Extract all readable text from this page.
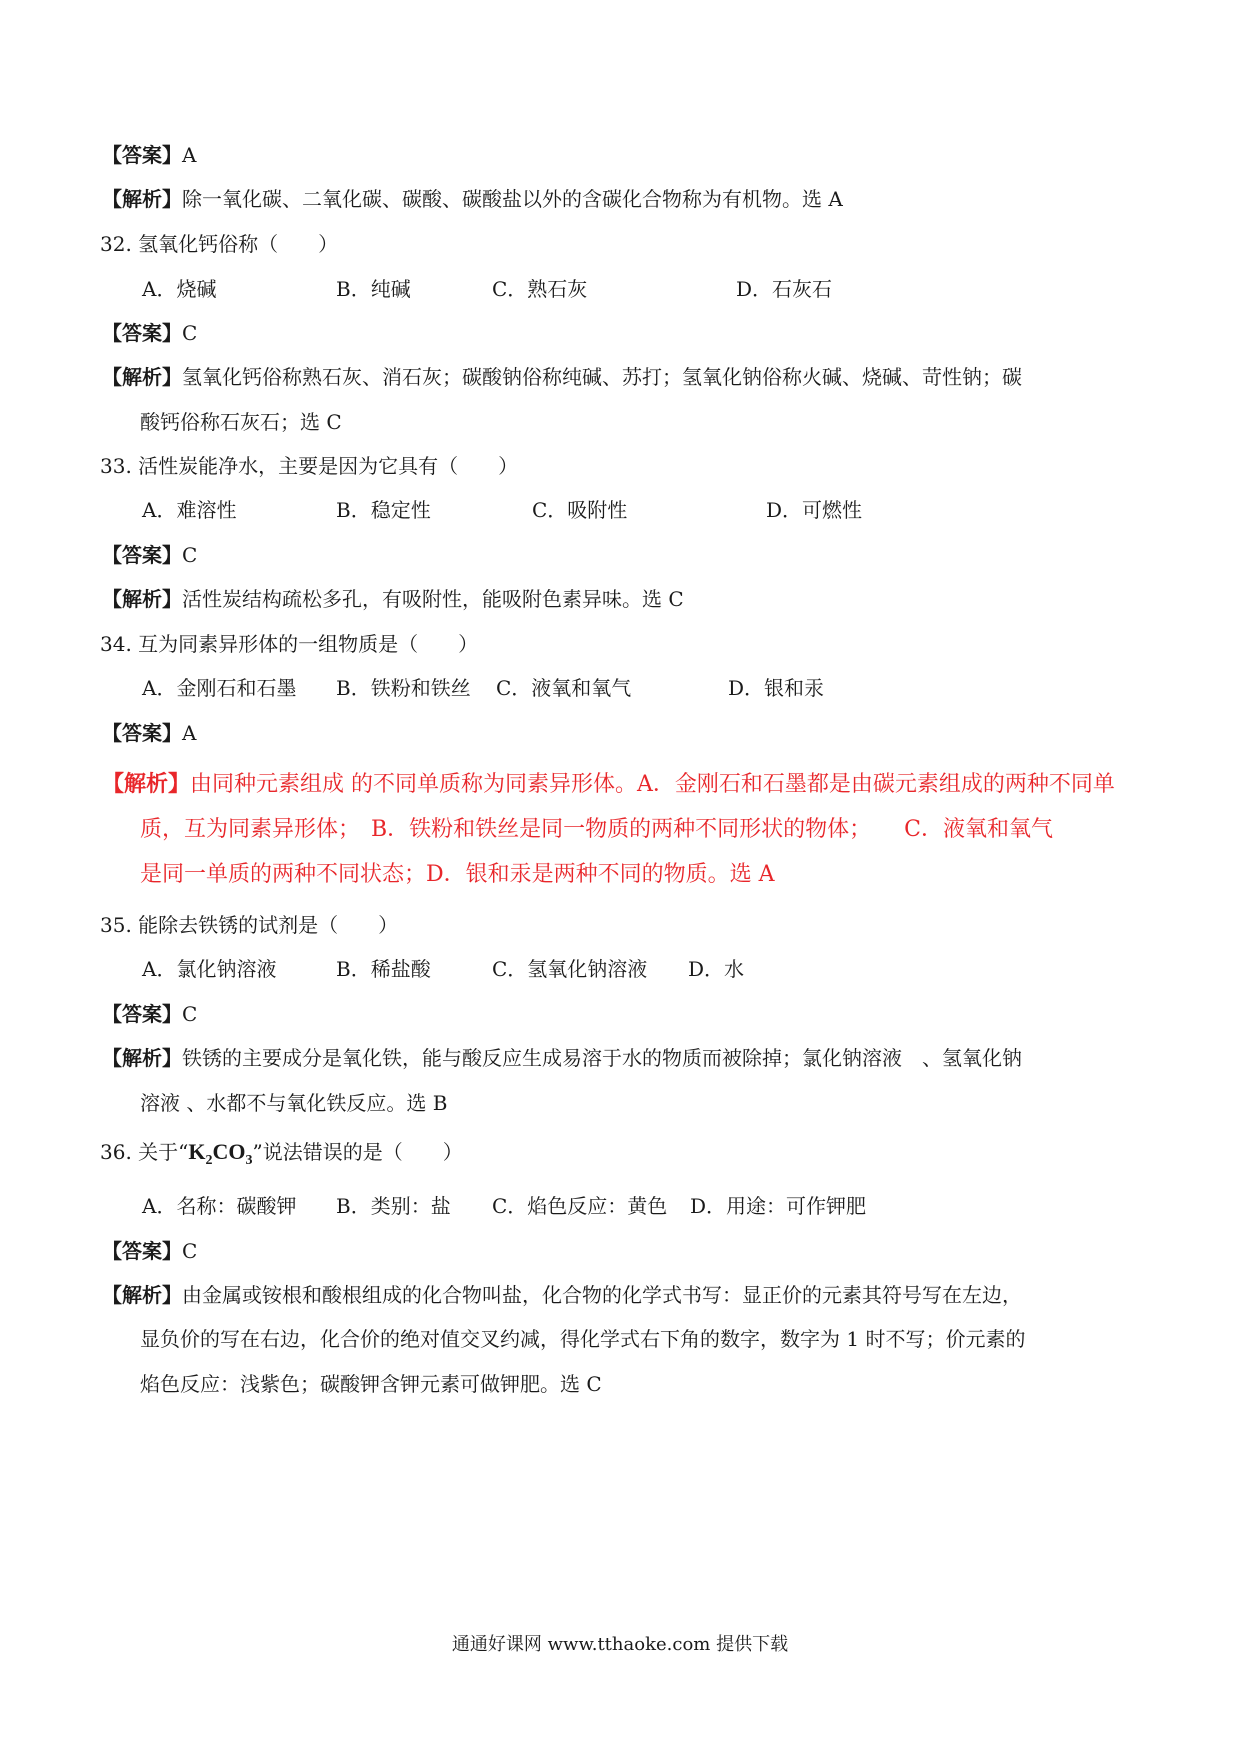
【答案】A
【解析】除一氧化碳、二氧化碳、碳酸、碳酸盐以外的含碳化合物称为有机物。选 A
32. 氢氧化钙俗称（　　）
A．烧碱	B．纯碱	C．熟石灰	D．石灰石
【答案】C
【解析】氢氧化钙俗称熟石灰、消石灰；碳酸钠俗称纯碱、苏打；氢氧化钠俗称火碱、烧碱、苛性钠；碳
酸钙俗称石灰石；选 C
33. 活性炭能净水，主要是因为它具有（　　）
A．难溶性	B．稳定性	C．吸附性	D．可燃性
【答案】C
【解析】活性炭结构疏松多孔，有吸附性，能吸附色素异味。选 C
34. 互为同素异形体的一组物质是（　　）
A．金刚石和石墨 B．铁粉和铁丝 C．液氧和氧气	D．银和汞
【答案】A
【解析】由同种元素组成 的不同单质称为同素异形体。A．金刚石和石墨都是由碳元素组成的两种不同单
质，互为同素异形体；　B．铁粉和铁丝是同一物质的两种不同形状的物体；　　C．液氧和氧气
是同一单质的两种不同状态；D．银和汞是两种不同的物质。选 A
35. 能除去铁锈的试剂是（　　）
A．氯化钠溶液	B．稀盐酸	C．氢氧化钠溶液 D．水
【答案】C
【解析】铁锈的主要成分是氧化铁，能与酸反应生成易溶于水的物质而被除掉；氯化钠溶液　、氢氧化钠
溶液 、水都不与氧化铁反应。选 B
36. 关于“$K_2CO_3$”说法错误的是（　　）
A．名称：碳酸钾 B．类别：盐 C．焰色反应：黄色 D．用途：可作钾肥
【答案】C
【解析】由金属或铵根和酸根组成的化合物叫盐，化合物的化学式书写：显正价的元素其符号写在左边，
显负价的写在右边，化合价的绝对值交叉约减，得化学式右下角的数字，数字为 1 时不写；价元素的
焰色反应：浅紫色；碳酸钾含钾元素可做钾肥。选 C
通通好课网 www.tthaoke.com 提供下载
